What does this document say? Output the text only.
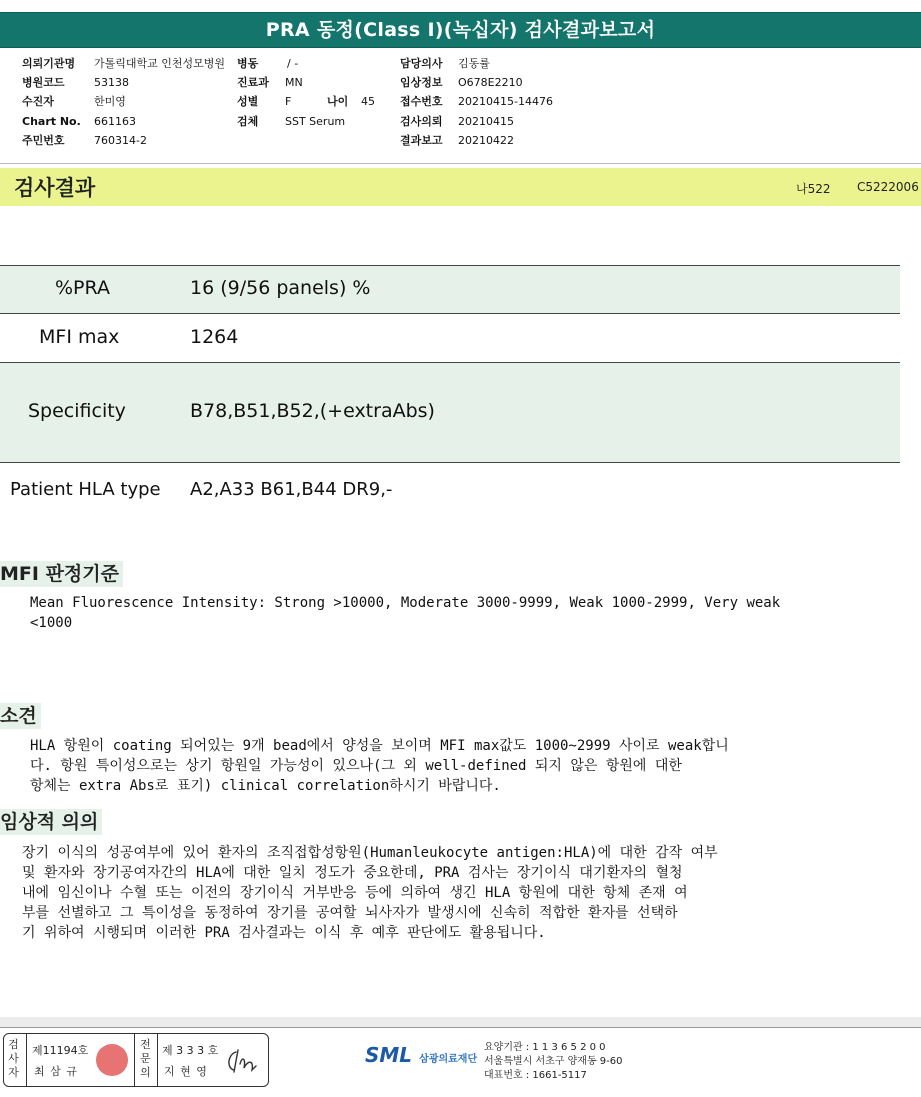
PRA 동정(Class I)(녹십자) 검사결과보고서
의뢰기관명 가톨릭대학교 인천성모병원
병원코드	53138
수진자	한미영
Chart No. 661163
주민번호	760314-2
병동	/ -
진료과 MN
성별 F	나이 45
검체 SST Serum
담당의사 김동률
임상정보 O678E2210
접수번호 20210415-14476
검사의뢰 20210415
결과보고 20210422
검사결과	나522 C5222006
%PRA	16 (9/56 panels) %
MFI max	1264
Specificity	B78,B51,B52,(+extraAbs)
Patient HLA type A2,A33 B61,B44 DR9,-
MFI 판정기준
Mean Fluorescence Intensity: Strong >10000, Moderate 3000-9999, Weak 1000-2999, Very weak
<1000
소견
HLA 항원이 coating 되어있는 9개 bead에서 양성을 보이며 MFI max값도 1000~2999 사이로 weak합니
다. 항원 특이성으로는 상기 항원일 가능성이 있으나(그 외 well-defined 되지 않은 항원에 대한
항체는 extra Abs로 표기) clinical correlation하시기 바랍니다.
임상적 의의
장기 이식의 성공여부에 있어 환자의 조직접합성항원(Humanleukocyte antigen:HLA)에 대한 감작 여부
및 환자와 장기공여자간의 HLA에 대한 일치 정도가 중요한데, PRA 검사는 장기이식 대기환자의 혈청
내에 임신이나 수혈 또는 이전의 장기이식 거부반응 등에 의하여 생긴 HLA 항원에 대한 항체 존재 여
부를 선별하고 그 특이성을 동정하여 장기를 공여할 뇌사자가 발생시에 신속히 적합한 환자를 선택하
기 위하여 시행되며 이러한 PRA 검사결과는 이식 후 예후 판단에도 활용됩니다.
검사자
제11194호
최 삼 규
전문의
제 3 3 3 호
지 현 영
SML 삼광의료재단
요양기관 : 1 1 3 6 5 2 0 0
서울특별시 서초구 양재동 9-60
대표번호 : 1661-5117
